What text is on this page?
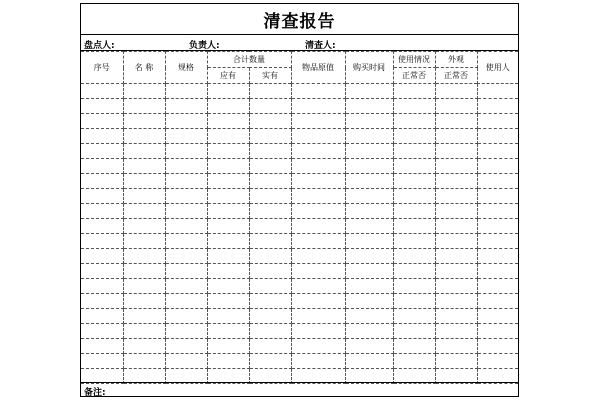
清查报告
盘点人:	负责人:	清查人:
序号	名 称	规格	合计数量		物品原值	购买时间	使用情况	外观	使用人
			应有	实有			正常否	正常否	

备注:
